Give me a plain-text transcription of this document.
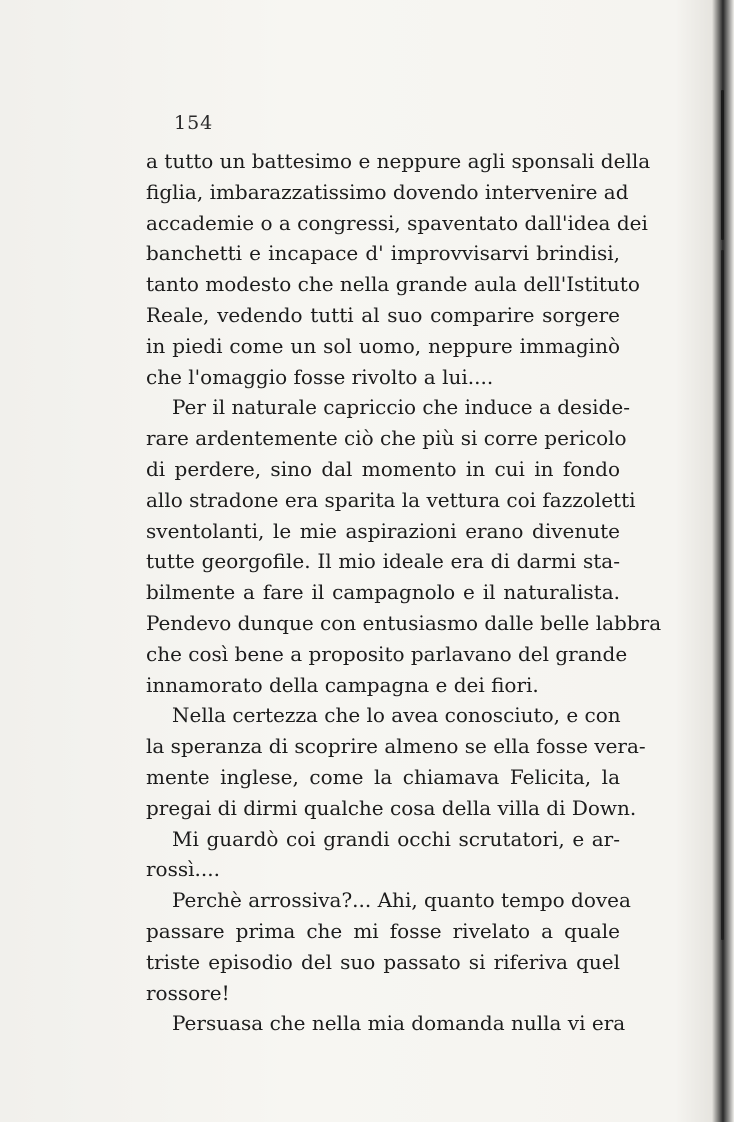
154
a tutto un battesimo e neppure agli sponsali della
figlia, imbarazzatissimo dovendo intervenire ad
accademie o a congressi, spaventato dall'idea dei
banchetti e incapace d' improvvisarvi brindisi,
tanto modesto che nella grande aula dell'Istituto
Reale, vedendo tutti al suo comparire sorgere
in piedi come un sol uomo, neppure immaginò
che l'omaggio fosse rivolto a lui....
Per il naturale capriccio che induce a deside-
rare ardentemente ciò che più si corre pericolo
di perdere, sino dal momento in cui in fondo
allo stradone era sparita la vettura coi fazzoletti
sventolanti, le mie aspirazioni erano divenute
tutte georgofile. Il mio ideale era di darmi sta-
bilmente a fare il campagnolo e il naturalista.
Pendevo dunque con entusiasmo dalle belle labbra
che così bene a proposito parlavano del grande
innamorato della campagna e dei fiori.
Nella certezza che lo avea conosciuto, e con
la speranza di scoprire almeno se ella fosse vera-
mente inglese, come la chiamava Felicita, la
pregai di dirmi qualche cosa della villa di Down.
Mi guardò coi grandi occhi scrutatori, e ar-
rossì....
Perchè arrossiva?... Ahi, quanto tempo dovea
passare prima che mi fosse rivelato a quale
triste episodio del suo passato si riferiva quel
rossore!
Persuasa che nella mia domanda nulla vi era
